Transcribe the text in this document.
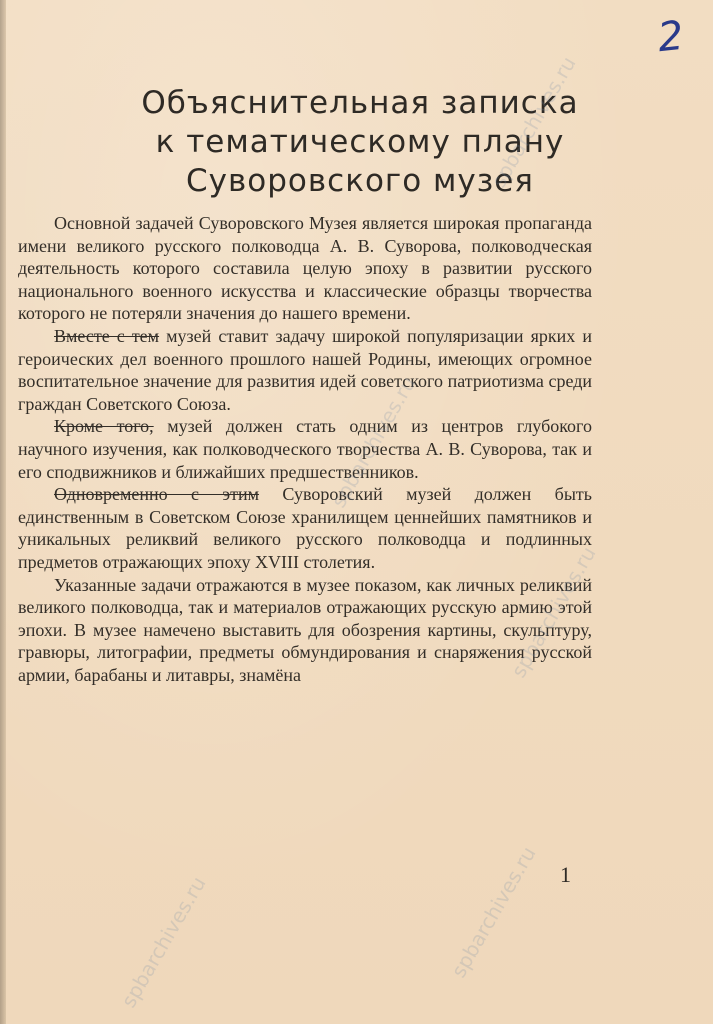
2
Объяснительная записка
к тематическому плану
Суворовского музея

Основной задачей Суворовского Музея является широкая пропаганда имени великого русского полководца А. В. Суворова, полководческая деятельность которого составила целую эпоху в развитии русского национального военного искусства и классические образцы творчества которого не потеряли значения до нашего времени.

Вместе с тем музей ставит задачу широкой популяризации ярких и героических дел военного прошлого нашей Родины, имеющих огромное воспитательное значение для развития идей советского патриотизма среди граждан Советского Союза.

Кроме того, музей должен стать одним из центров глубокого научного изучения, как полководческого творчества А. В. Суворова, так и его сподвижников и ближайших предшественников.

Одновременно с этим Суворовский музей должен быть единственным в Советском Союзе хранилищем ценнейших памятников и уникальных реликвий великого русского полководца и подлинных предметов отражающих эпоху XVIII столетия.

Указанные задачи отражаются в музее показом, как личных реликвий великого полководца, так и материалов отражающих русскую армию этой эпохи. В музее намечено выставить для обозрения картины, скульптуру, гравюры, литографии, предметы обмундирования и снаряжения русской армии, барабаны и литавры, знамёна

1
spbarchives.ru
spbarchives.ru
spbarchives.ru
spbarchives.ru
spbarchives.ru
